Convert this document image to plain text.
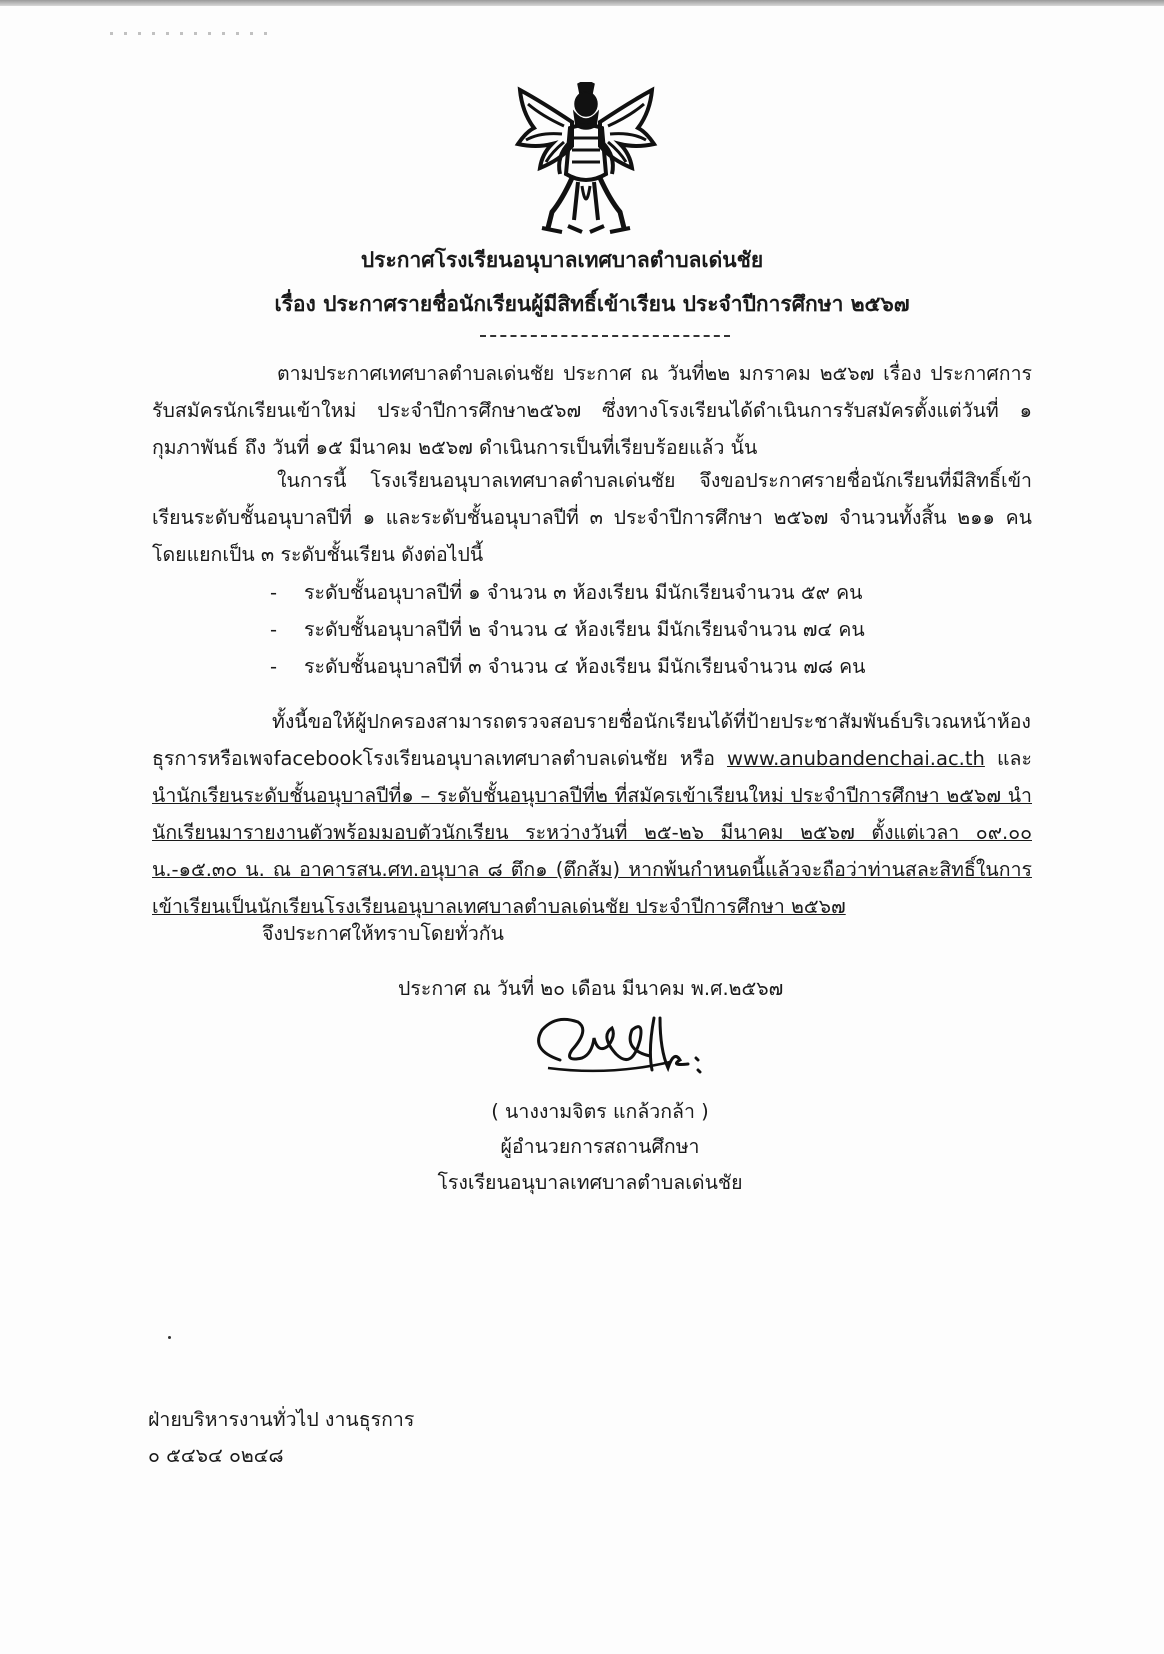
ประกาศโรงเรียนอนุบาลเทศบาลตำบลเด่นชัย
เรื่อง ประกาศรายชื่อนักเรียนผู้มีสิทธิ์เข้าเรียน ประจำปีการศึกษา ๒๕๖๗

ตามประกาศเทศบาลตำบลเด่นชัย ประกาศ ณ วันที่๒๒ มกราคม ๒๕๖๗ เรื่อง ประกาศการรับสมัครนักเรียนเข้าใหม่ ประจำปีการศึกษา๒๕๖๗ ซึ่งทางโรงเรียนได้ดำเนินการรับสมัครตั้งแต่วันที่ ๑ กุมภาพันธ์ ถึง วันที่ ๑๕ มีนาคม ๒๕๖๗ ดำเนินการเป็นที่เรียบร้อยแล้ว นั้น

ในการนี้ โรงเรียนอนุบาลเทศบาลตำบลเด่นชัย จึงขอประกาศรายชื่อนักเรียนที่มีสิทธิ์เข้าเรียนระดับชั้นอนุบาลปีที่ ๑ และระดับชั้นอนุบาลปีที่ ๓ ประจำปีการศึกษา ๒๕๖๗ จำนวนทั้งสิ้น ๒๑๑ คน โดยแยกเป็น ๓ ระดับชั้นเรียน ดังต่อไปนี้

- ระดับชั้นอนุบาลปีที่ ๑ จำนวน ๓ ห้องเรียน มีนักเรียนจำนวน ๕๙ คน
- ระดับชั้นอนุบาลปีที่ ๒ จำนวน ๔ ห้องเรียน มีนักเรียนจำนวน ๗๔ คน
- ระดับชั้นอนุบาลปีที่ ๓ จำนวน ๔ ห้องเรียน มีนักเรียนจำนวน ๗๘ คน

ทั้งนี้ขอให้ผู้ปกครองสามารถตรวจสอบรายชื่อนักเรียนได้ที่ป้ายประชาสัมพันธ์บริเวณหน้าห้องธุรการหรือเพจfacebookโรงเรียนอนุบาลเทศบาลตำบลเด่นชัย หรือ www.anubandenchai.ac.th และ นำนักเรียนระดับชั้นอนุบาลปีที่๑ – ระดับชั้นอนุบาลปีที่๒ ที่สมัครเข้าเรียนใหม่ ประจำปีการศึกษา ๒๕๖๗ นำนักเรียนมารายงานตัวพร้อมมอบตัวนักเรียน ระหว่างวันที่ ๒๕-๒๖ มีนาคม ๒๕๖๗ ตั้งแต่เวลา ๐๙.๐๐ น.-๑๕.๓๐ น. ณ อาคารสน.ศท.อนุบาล ๘ ตึก๑ (ตึกส้ม) หากพ้นกำหนดนี้แล้วจะถือว่าท่านสละสิทธิ์ในการเข้าเรียนเป็นนักเรียนโรงเรียนอนุบาลเทศบาลตำบลเด่นชัย ประจำปีการศึกษา ๒๕๖๗

จึงประกาศให้ทราบโดยทั่วกัน
ประกาศ ณ วันที่ ๒๐ เดือน มีนาคม พ.ศ.๒๕๖๗
( นางงามจิตร แกล้วกล้า )
ผู้อำนวยการสถานศึกษา
โรงเรียนอนุบาลเทศบาลตำบลเด่นชัย
ฝ่ายบริหารงานทั่วไป งานธุรการ
๐ ๕๔๖๔ ๐๒๔๘
